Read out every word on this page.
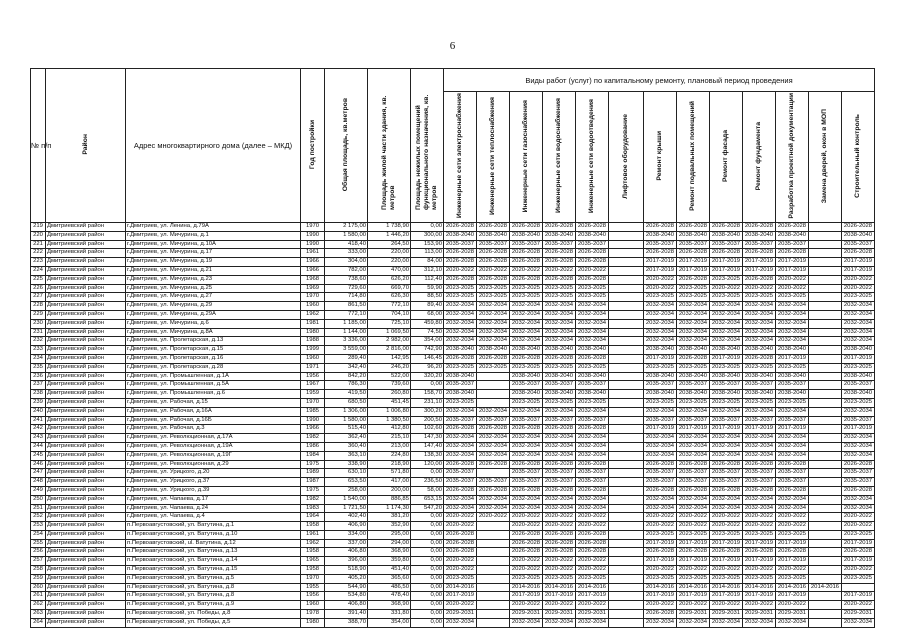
6
№ п/п	Район	Адрес многоквартирного дома (далее – МКД)	Год постройки	Общая площадь, кв.метров	Площадь жилой части здания, кв. метров	Площадь нежилых помещений функционального назначения, кв. метров	Виды работ (услуг) по капитальному ремонту, плановый период проведения												
							Инженерные сети электроснабжения	Инженерные сети теплоснабжения	Инженерные сети газоснабжения	Инженерные сети водоснабжения	Инженерные сети водоотведения	Лифтовое оборудование	Ремонт крыши	Ремонт подвальных помещений	Ремонт фасада	Ремонт фундамента	Разработка проектной документации	Замена дверей, окон в МОП	Строительный контроль
219	Дмитриевский район	г.Дмитриев, ул. Ленина, д.79А	1970	2 175,00	1 738,90	0,00	2026-2028	2026-2028	2026-2028	2026-2028	2026-2028		2026-2028	2026-2028	2026-2028	2026-2028	2026-2028		2026-2028
220	Дмитриевский район	г.Дмитриев, ул. Мичурина, д.1	1990	1 580,00	1 446,20	300,00	2038-2040	2038-2040	2038-2040	2038-2040	2038-2040		2038-2040	2038-2040	2038-2040	2038-2040	2038-2040		2038-2040
221	Дмитриевский район	г.Дмитриев, ул. Мичурина, д.10А	1990	418,40	264,50	153,90	2035-2037	2035-2037	2035-2037	2035-2037	2035-2037		2035-2037	2035-2037	2035-2037	2035-2037	2035-2037		2035-2037
222	Дмитриевский район	г.Дмитриев, ул. Мичурина, д.17	1961	333,00	220,00	113,00	2026-2028	2026-2028	2026-2028	2026-2028	2026-2028		2026-2028	2026-2028	2026-2028	2026-2028	2026-2028		2026-2028
223	Дмитриевский район	г.Дмитриев, ул. Мичурина, д.19	1966	304,00	220,00	84,00	2026-2028	2026-2028	2026-2028	2026-2028	2026-2028		2017-2019	2017-2019	2017-2019	2017-2019	2017-2019		2017-2019
224	Дмитриевский район	г.Дмитриев, ул. Мичурина, д.21	1966	782,00	470,00	312,10	2020-2022	2020-2022	2020-2022	2020-2022	2020-2022		2017-2019	2017-2019	2017-2019	2017-2019	2017-2019		2017-2019
225	Дмитриевский район	г.Дмитриев, ул. Мичурина, д.23	1968	738,60	626,20	112,40	2026-2028	2026-2028	2026-2028	2026-2028	2026-2028		2020-2022	2026-2028	2023-2025	2026-2028	2020-2022		2020-2022
226	Дмитриевский район	г.Дмитриев, ул. Мичурина, д.25	1969	729,60	669,70	59,90	2023-2025	2023-2025	2023-2025	2023-2025	2023-2025		2020-2022	2023-2025	2020-2022	2020-2022	2020-2022		2020-2022
227	Дмитриевский район	г.Дмитриев, ул. Мичурина, д.27	1970	714,80	626,30	88,50	2023-2025	2023-2025	2023-2025	2023-2025	2023-2025		2023-2025	2023-2025	2023-2025	2023-2025	2023-2025		2023-2025
228	Дмитриевский район	г.Дмитриев, ул. Мичурина, д.29	1960	861,50	772,10	89,40	2032-2034	2032-2034	2032-2034	2032-2034	2032-2034		2032-2034	2032-2034	2032-2034	2032-2034	2032-2034		2032-2034
229	Дмитриевский район	г.Дмитриев, ул. Мичурина, д.29А	1962	772,10	704,10	68,00	2032-2034	2032-2034	2032-2034	2032-2034	2032-2034		2032-2034	2032-2034	2032-2034	2032-2034	2032-2034		2032-2034
230	Дмитриевский район	г.Дмитриев, ул. Мичурина, д.6	1981	1 185,00	725,10	459,80	2032-2034	2032-2034	2032-2034	2032-2034	2032-2034		2032-2034	2032-2034	2032-2034	2032-2034	2032-2034		2032-2034
231	Дмитриевский район	г.Дмитриев, ул. Мичурина, д.8А	1980	1 144,00	1 069,50	74,50	2032-2034	2032-2034	2032-2034	2032-2034	2032-2034		2032-2034	2032-2034	2032-2034	2032-2034	2032-2034		2032-2034
232	Дмитриевский район	г.Дмитриев, ул. Пролетарская, д.13	1988	3 336,00	2 982,00	354,00	2032-2034	2032-2034	2032-2034	2032-2034	2032-2034		2032-2034	2032-2034	2032-2034	2032-2034	2032-2034		2032-2034
233	Дмитриевский район	г.Дмитриев, ул. Пролетарская, д.15	1999	3 559,00	2 816,00	742,90	2038-2040	2038-2040	2038-2040	2038-2040	2038-2040		2038-2040	2038-2040	2038-2040	2038-2040	2038-2040		2038-2040
234	Дмитриевский район	г.Дмитриев, ул. Пролетарская, д.16	1960	289,40	142,95	146,45	2026-2028	2026-2028	2026-2028	2026-2028	2026-2028		2017-2019	2026-2028	2017-2019	2026-2028	2017-2019		2017-2019
235	Дмитриевский район	г.Дмитриев, ул. Пролетарская, д.28	1971	342,40	246,20	96,20	2023-2025	2023-2025	2023-2025	2023-2025	2023-2025		2023-2025	2023-2025	2023-2025	2023-2025	2023-2025		2023-2025
236	Дмитриевский район	г.Дмитриев, ул. Промышленная, д.1А	1956	842,20	522,00	320,20	2038-2040		2038-2040	2038-2040	2038-2040		2038-2040	2038-2040	2038-2040	2038-2040	2038-2040		2038-2040
237	Дмитриевский район	г.Дмитриев, ул. Промышленная, д.5А	1967	786,30	739,60	0,00	2035-2037		2035-2037	2035-2037	2035-2037		2035-2037	2035-2037	2035-2037	2035-2037	2035-2037		2035-2037
238	Дмитриевский район	г.Дмитриев, ул. Промышленная, д.6	1959	419,50	260,80	158,70	2038-2040		2038-2040	2038-2040	2038-2040		2038-2040	2038-2040	2038-2040	2038-2040	2038-2040		2038-2040
239	Дмитриевский район	г.Дмитриев, ул. Рабочая, д.15	1970	680,50	451,45	231,10	2023-2025		2023-2025	2023-2025	2023-2025		2023-2025	2023-2025	2023-2025	2023-2025	2023-2025		2023-2025
240	Дмитриевский район	г.Дмитриев, ул. Рабочая, д.16А	1985	1 306,00	1 006,80	300,20	2032-2034	2032-2034	2032-2034	2032-2034	2032-2034		2032-2034	2032-2034	2032-2034	2032-2034	2032-2034		2032-2034
241	Дмитриевский район	г.Дмитриев, ул. Рабочая, д.16Б	1990	1 580,00	1 380,50	200,50	2035-2037	2035-2037	2035-2037	2035-2037	2035-2037		2035-2037	2035-2037	2035-2037	2035-2037	2035-2037		2035-2037
242	Дмитриевский район	г.Дмитриев, ул. Рабочая, д.3	1966	515,40	412,80	102,60	2026-2028	2026-2028	2026-2028	2026-2028	2026-2028		2017-2019	2017-2019	2017-2019	2017-2019	2017-2019		2017-2019
243	Дмитриевский район	г.Дмитриев, ул. Революционная, д.17А	1982	362,40	215,10	147,30	2032-2034	2032-2034	2032-2034	2032-2034	2032-2034		2032-2034	2032-2034	2032-2034	2032-2034	2032-2034		2032-2034
244	Дмитриевский район	г.Дмитриев, ул. Революционная, д.19А	1986	360,40	213,00	147,40	2032-2034	2032-2034	2032-2034	2032-2034	2032-2034		2032-2034	2032-2034	2032-2034	2032-2034	2032-2034		2032-2034
245	Дмитриевский район	г.Дмитриев, ул. Революционная, д.19Г	1984	363,10	224,80	138,30	2032-2034	2032-2034	2032-2034	2032-2034	2032-2034		2032-2034	2032-2034	2032-2034	2032-2034	2032-2034		2032-2034
246	Дмитриевский район	г.Дмитриев, ул. Революционная, д.29	1975	338,90	218,90	120,00	2026-2028	2026-2028	2026-2028	2026-2028	2026-2028		2026-2028	2026-2028	2026-2028	2026-2028	2026-2028		2026-2028
247	Дмитриевский район	г.Дмитриев, ул. Урицкого, д.20	1989	630,10	571,80	0,00	2035-2037		2035-2037	2035-2037	2035-2037		2035-2037	2035-2037	2035-2037	2035-2037	2035-2037		2035-2037
248	Дмитриевский район	г.Дмитриев, ул. Урицкого, д.37	1987	653,50	417,00	236,50	2035-2037	2035-2037	2035-2037	2035-2037	2035-2037		2035-2037	2035-2037	2035-2037	2035-2037	2035-2037		2035-2037
249	Дмитриевский район	г.Дмитриев, ул. Урицкого, д.39	1975	258,00	200,00	58,00	2026-2028	2026-2028	2026-2028	2026-2028	2026-2028		2026-2028	2026-2028	2026-2028	2026-2028	2026-2028		2026-2028
250	Дмитриевский район	г.Дмитриев, ул. Чапаева, д.17	1982	1 540,00	886,85	653,15	2032-2034	2032-2034	2032-2034	2032-2034	2032-2034		2032-2034	2032-2034	2032-2034	2032-2034	2032-2034		2032-2034
251	Дмитриевский район	г.Дмитриев, ул. Чапаева, д.24	1983	1 721,50	1 174,30	547,20	2032-2034	2032-2034	2032-2034	2032-2034	2032-2034		2032-2034	2032-2034	2032-2034	2032-2034	2032-2034		2032-2034
252	Дмитриевский район	г.Дмитриев, ул. Чапаева, д.4	1964	402,40	381,20	0,00	2020-2022	2020-2022	2020-2022	2020-2022	2020-2022		2020-2022	2020-2022	2020-2022	2020-2022	2020-2022		2020-2022
253	Дмитриевский район	п.Первоавгустовский, ул. Ватутина, д.1	1958	406,90	352,90	0,00	2020-2022		2020-2022	2020-2022	2020-2022		2020-2022	2020-2022	2020-2022	2020-2022	2020-2022		2020-2022
254	Дмитриевский район	п.Первоавгустовский, ул. Ватутина, д.10	1961	334,00	295,00	0,00	2026-2028		2026-2028	2026-2028	2026-2028		2023-2025	2023-2025	2023-2025	2023-2025	2023-2025		2023-2025
255	Дмитриевский район	п.Первоавгустовский, ul. Ватутина, д.12	1962	337,00	294,00	0,00	2026-2028		2026-2028	2026-2028	2026-2028		2017-2019	2017-2019	2017-2019	2017-2019	2017-2019		2017-2019
256	Дмитриевский район	п.Первоавгустовский, ул. Ватутина, д.13	1958	406,80	368,90	0,00	2026-2028		2026-2028	2026-2028	2026-2028		2026-2028	2026-2028	2026-2028	2026-2028	2026-2028		2026-2028
257	Дмитриевский район	п.Первоавгустовский, ул. Ватутина, д.14	1965	396,00	359,80	0,00	2020-2022		2020-2022	2020-2022	2020-2022		2017-2019	2017-2019	2017-2019	2017-2019	2017-2019		2017-2019
258	Дмитриевский район	п.Первоавгустовский, ул. Ватутина, д.15	1958	518,90	451,40	0,00	2020-2022		2020-2022	2020-2022	2020-2022		2020-2022	2020-2022	2020-2022	2020-2022	2020-2022		2020-2022
259	Дмитриевский район	п.Первоавгустовский, ул. Ватутина, д.5	1970	405,20	365,60	0,00	2023-2025		2023-2025	2023-2025	2023-2025		2023-2025	2023-2025	2023-2025	2023-2025	2023-2025		2023-2025
260	Дмитриевский район	п.Первоавгустовский, ул. Ватутина, д.8	1955	544,90	486,50	0,00	2014-2016		2014-2016	2014-2016	2014-2016		2014-2016	2014-2016	2014-2016	2014-2016	2014-2016	2014-2016	
261	Дмитриевский район	п.Первоавгустовский, ул. Ватутина, д.8	1956	534,80	478,40	0,00	2017-2019		2017-2019	2017-2019	2017-2019		2017-2019	2017-2019	2017-2019	2017-2019	2017-2019		2017-2019
262	Дмитриевский район	п.Первоавгустовский, ул. Ватутина, д.9	1960	406,80	368,90	0,00	2020-2022		2020-2022	2020-2022	2020-2022		2020-2022	2020-2022	2020-2022	2020-2022	2020-2022		2020-2022
263	Дмитриевский район	п.Первоавгустовский, ул. Победы, д.8	1978	391,40	331,80	0,00	2029-2031		2029-2031	2029-2031	2029-2031		2026-2028	2029-2031	2029-2031	2029-2031	2029-2031		2029-2031
264	Дмитриевский район	п.Первоавгустовский, ул. Победы, д.5	1980	388,70	354,00	0,00	2032-2034		2032-2034	2032-2034	2032-2034		2032-2034	2032-2034	2032-2034	2032-2034	2032-2034		2032-2034
